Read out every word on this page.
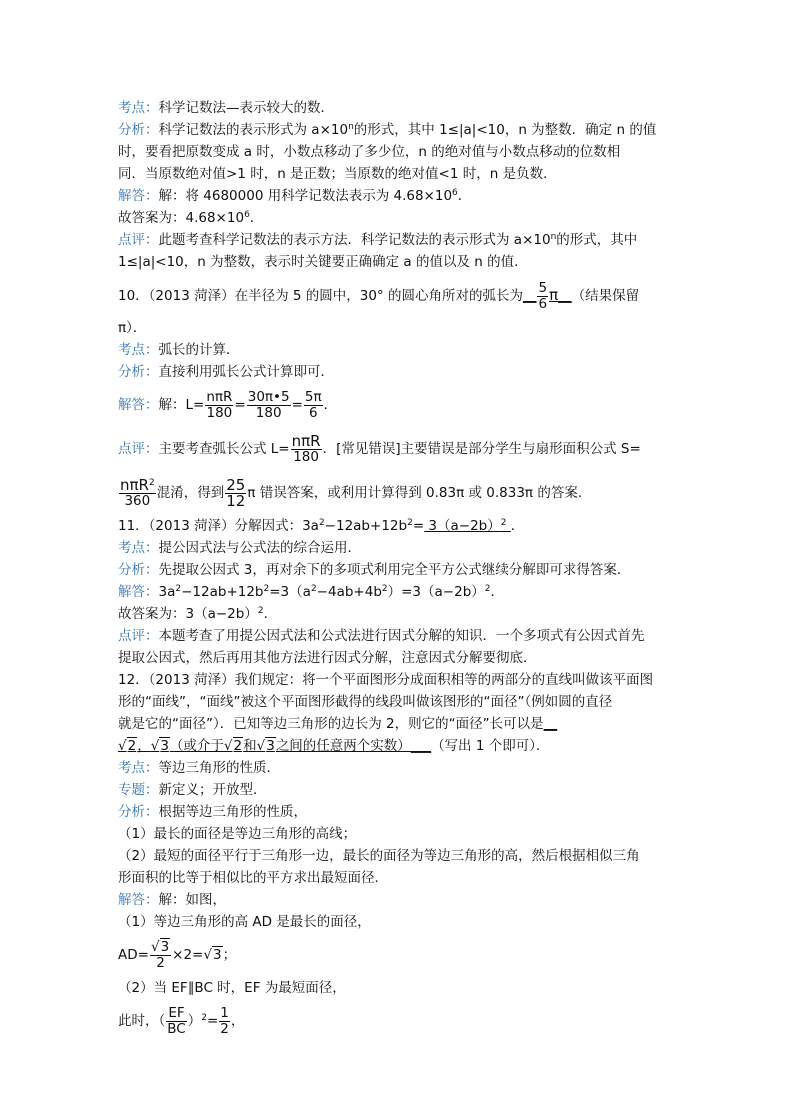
考点：科学记数法—表示较大的数．
分析：科学记数法的表示形式为 $a\times 10^n$的形式，其中 1≤|a|<10，n 为整数．确定 n 的值
时，要看把原数变成 a 时，小数点移动了多少位，n 的绝对值与小数点移动的位数相
同．当原数绝对值>1 时，n 是正数；当原数的绝对值<1 时，n 是负数．
解答：解：将 4680000 用科学记数法表示为 $4.68\times 10^6$．
故答案为：$4.68\times 10^6$．
点评：此题考查科学记数法的表示方法．科学记数法的表示形式为 $a\times 10^n$的形式，其中
1≤|a|<10，n 为整数，表示时关键要正确确定 a 的值以及 n 的值．
10．（2013 菏泽）在半径为 5 的圆中，30° 的圆心角所对的弧长为__ $\frac{5}{6}$ π__（结果保留
π）．
考点：弧长的计算．
分析：直接利用弧长公式计算即可．
解答：解：$L= \frac{\text{nπR}}{180} = \frac{30\pi•5}{180} = \frac{5\pi}{6}$ ．
点评：主要考查弧长公式 $L= \frac{\text{nπR}}{180}$ ．[常见错误]主要错误是部分学生与扇形面积公式 S=
$\frac{n\pi R^2}{360}$ 混淆，得到 $\frac{25}{12}$ π 错误答案，或利用计算得到 0.83π 或 0.833π 的答案．
11．（2013 菏泽）分解因式：$3a^2-12ab+12b^2= 3(a-2b)^2$ ．
考点：提公因式法与公式法的综合运用．
分析：先提取公因式 3，再对余下的多项式利用完全平方公式继续分解即可求得答案．
解答：$3a^2-12ab+12b^2=3(a^2-4ab+4b^2)=3(a-2b)^2$．
故答案为：$3(a-2b)^2$．
点评：本题考查了用提公因式法和公式法进行因式分解的知识．一个多项式有公因式首先
提取公因式，然后再用其他方法进行因式分解，注意因式分解要彻底．
12．（2013 菏泽）我们规定：将一个平面图形分成面积相等的两部分的直线叫做该平面图
形的“面线”，“面线”被这个平面图形截得的线段叫做该图形的“面径”（例如圆的直径
就是它的“面径”）．已知等边三角形的边长为 2，则它的“面径”长可以是__
√2，√3（或介于√2和√3之间的任意两个实数）___（写出 1 个即可）．
考点：等边三角形的性质．
专题：新定义；开放型．
分析：根据等边三角形的性质，
（1）最长的面径是等边三角形的高线；
（2）最短的面径平行于三角形一边，最长的面径为等边三角形的高，然后根据相似三角
形面积的比等于相似比的平方求出最短面径．
解答：解：如图，
（1）等边三角形的高 AD 是最长的面径，
$AD= \frac{√3}{2} \times 2=√3$；
（2）当 EF∥BC 时，EF 为最短面径，
此时，（ $\frac{EF}{BC} )^2= \frac{1}{2}$ ，
